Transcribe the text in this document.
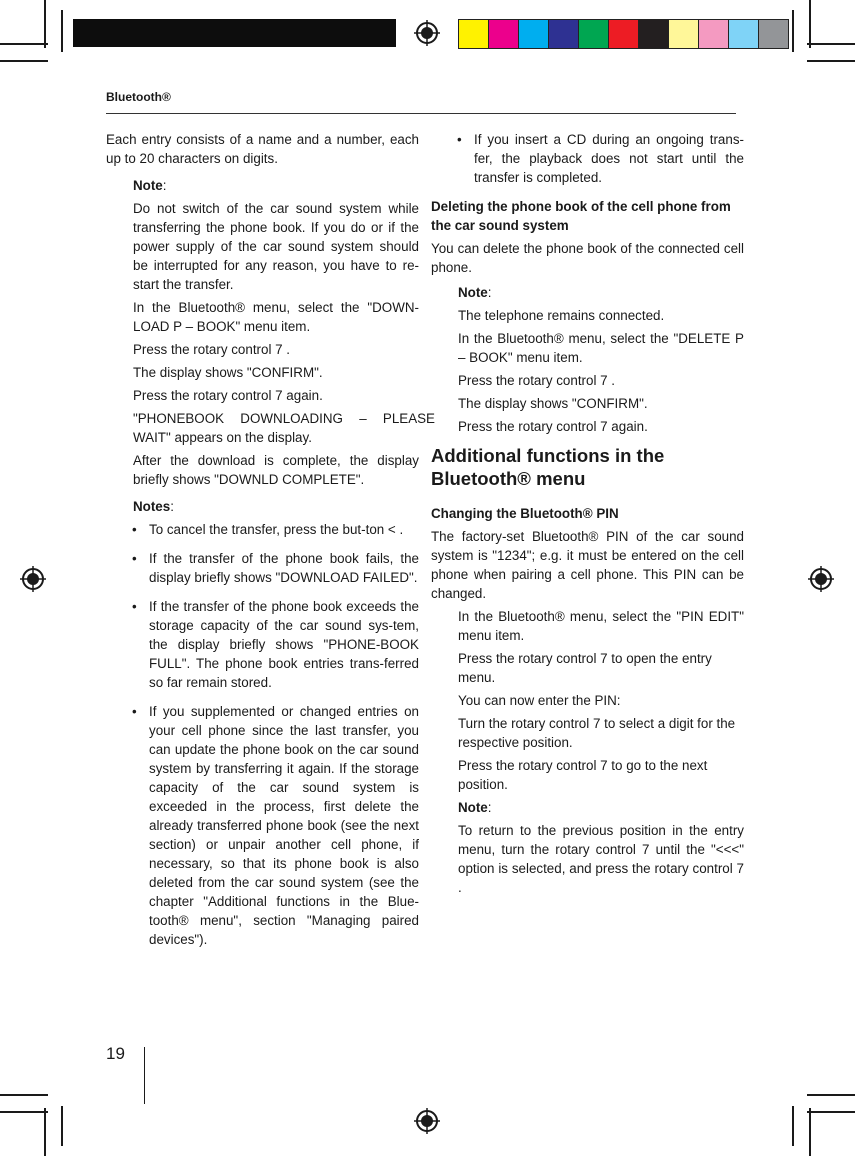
Bluetooth®

Each entry consists of a name and a number, each up to 20 characters on digits.

Note:

Do not switch of the car sound system while transferring the phone book. If you do or if the power supply of the car sound system should be interrupted for any reason, you have to re-start the transfer.

In the Bluetooth® menu, select the "DOWN-LOAD P – BOOK" menu item.

Press the rotary control 7 .

The display shows "CONFIRM".

Press the rotary control 7 again.

"PHONEBOOK DOWNLOADING – PLEASE WAIT" appears on the display.

After the download is complete, the display briefly shows "DOWNLD COMPLETE".

Notes:

• To cancel the transfer, press the but-ton < .
• If the transfer of the phone book fails, the display briefly shows "DOWNLOAD FAILED".
• If the transfer of the phone book exceeds the storage capacity of the car sound sys-tem, the display briefly shows "PHONE-BOOK FULL". The phone book entries trans-ferred so far remain stored.
• If you supplemented or changed entries on your cell phone since the last transfer, you can update the phone book on the car sound system by transferring it again. If the storage capacity of the car sound system is exceeded in the process, first delete the already transferred phone book (see the next section) or unpair another cell phone, if necessary, so that its phone book is also deleted from the car sound system (see the chapter "Additional functions in the Blue-tooth® menu", section "Managing paired devices").
• If you insert a CD during an ongoing trans-fer, the playback does not start until the transfer is completed.

Deleting the phone book of the cell phone from the car sound system

You can delete the phone book of the connected cell phone.

Note:

The telephone remains connected.

In the Bluetooth® menu, select the "DELETE P – BOOK" menu item.

Press the rotary control 7 .

The display shows "CONFIRM".

Press the rotary control 7 again.

Additional functions in the
Bluetooth® menu

Changing the Bluetooth® PIN

The factory-set Bluetooth® PIN of the car sound system is "1234"; e.g. it must be entered on the cell phone when pairing a cell phone. This PIN can be changed.

In the Bluetooth® menu, select the "PIN EDIT" menu item.

Press the rotary control 7 to open the entry menu.

You can now enter the PIN:

Turn the rotary control 7 to select a digit for the respective position.

Press the rotary control 7 to go to the next position.

Note:

To return to the previous position in the entry menu, turn the rotary control 7 until the "<<<" option is selected, and press the rotary control 7 .

19
